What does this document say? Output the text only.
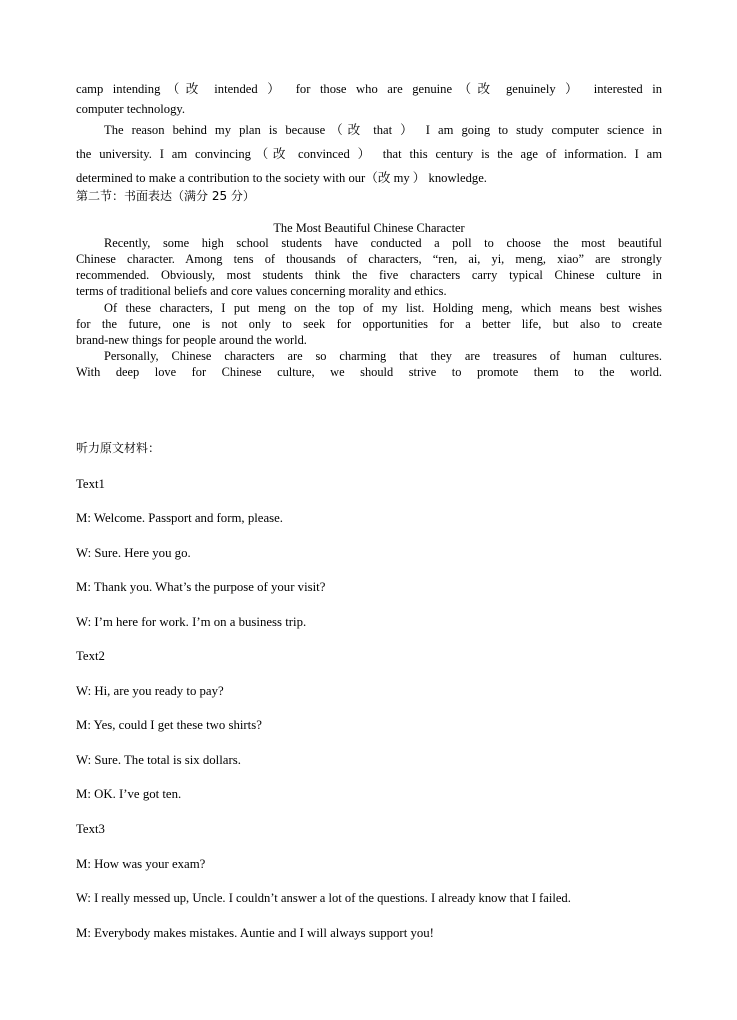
camp intending（改 intended ） for those who are genuine（改 genuinely ） interested in
computer technology.
The reason behind my plan is because（改 that ） I am going to study computer science in
the university. I am convincing（改 convinced ） that this century is the age of information. I am
determined to make a contribution to the society with our（改 my ） knowledge.
第二节：书面表达（满分 25 分）
The Most Beautiful Chinese Character
Recently, some high school students have conducted a poll to choose the most beautiful
Chinese character. Among tens of thousands of characters, “ren, ai, yi, meng, xiao” are strongly
recommended. Obviously, most students think the five characters carry typical Chinese culture in
terms of traditional beliefs and core values concerning morality and ethics.
Of these characters, I put meng on the top of my list. Holding meng, which means best wishes
for the future, one is not only to seek for opportunities for a better life, but also to create
brand-new things for people around the world.
Personally, Chinese characters are so charming that they are treasures of human cultures.
With deep love for Chinese culture, we should strive to promote them to the world.
听力原文材料：
Text1
M: Welcome. Passport and form, please.
W: Sure. Here you go.
M: Thank you. What’s the purpose of your visit?
W: I’m here for work. I’m on a business trip.
Text2
W: Hi, are you ready to pay?
M: Yes, could I get these two shirts?
W: Sure. The total is six dollars.
M: OK. I’ve got ten.
Text3
M: How was your exam?
W: I really messed up, Uncle. I couldn’t answer a lot of the questions. I already know that I failed.
M: Everybody makes mistakes. Auntie and I will always support you!
